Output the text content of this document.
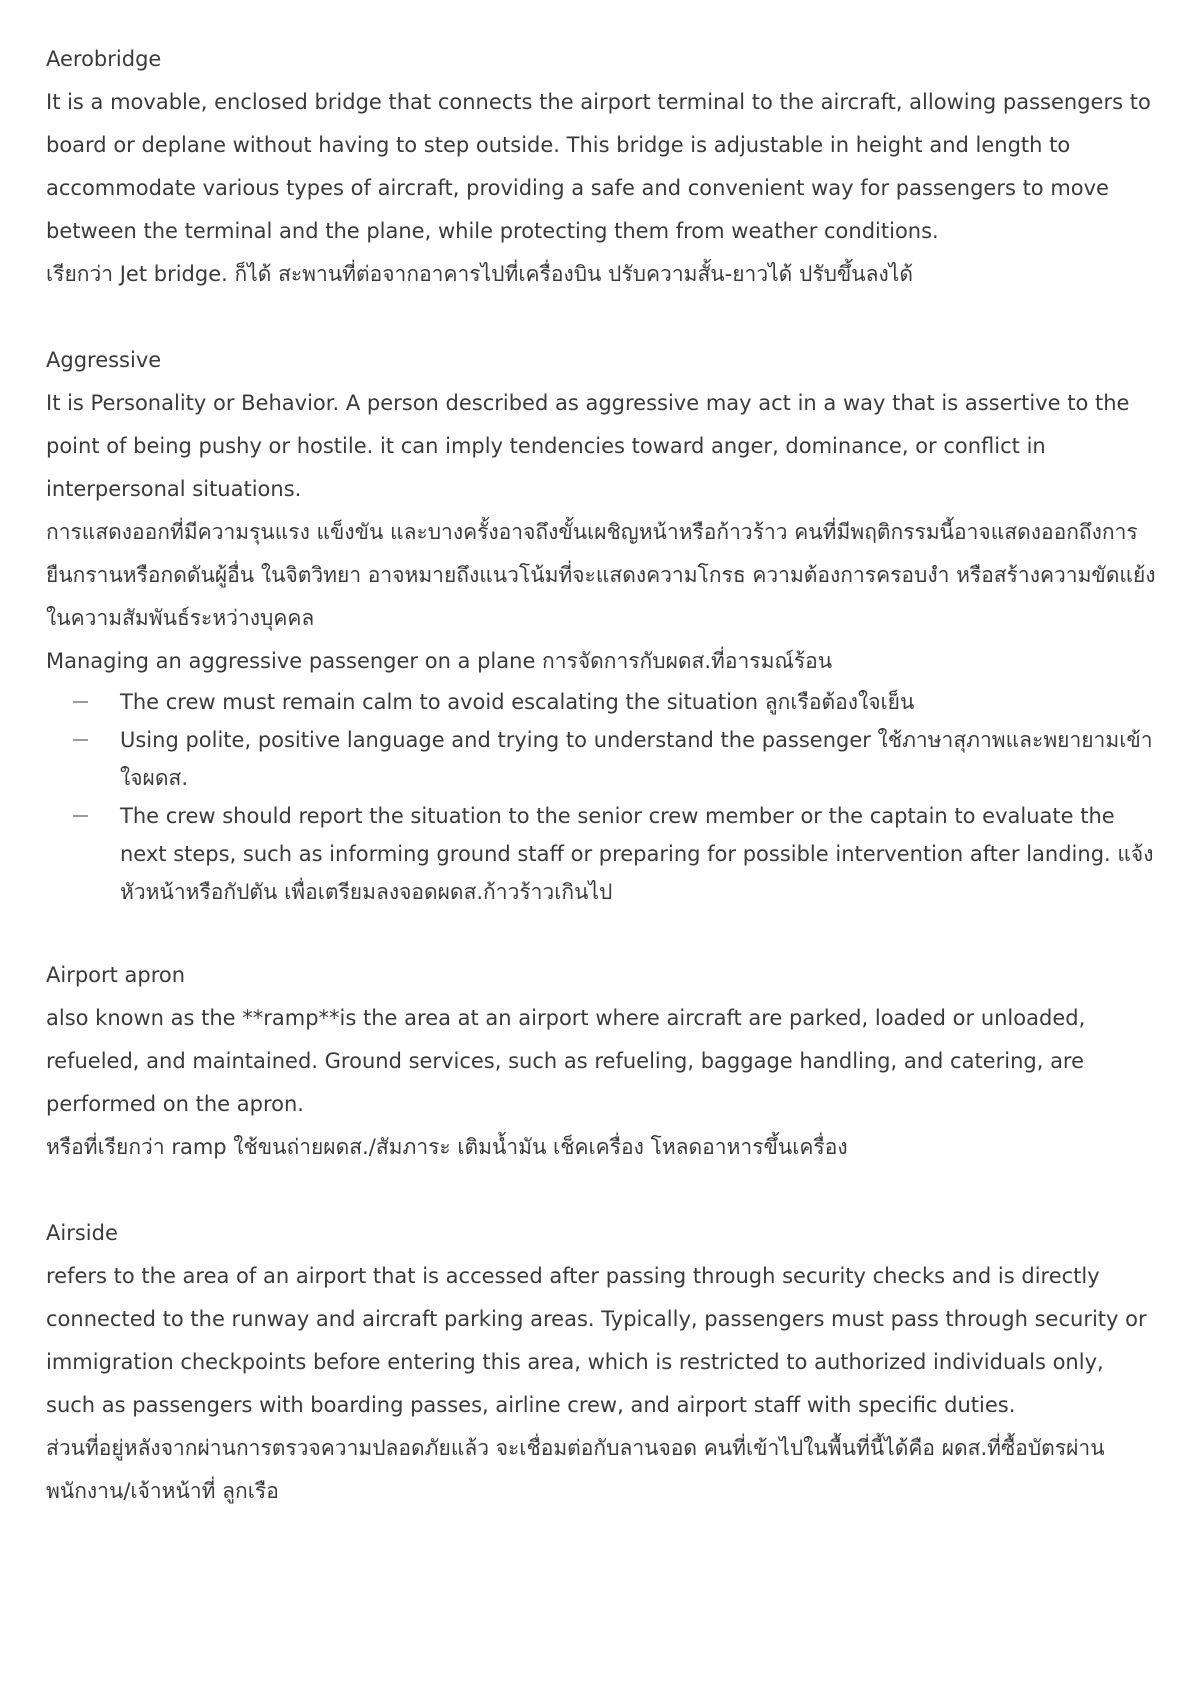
Aerobridge

It is a movable, enclosed bridge that connects the airport terminal to the aircraft, allowing passengers to board or deplane without having to step outside. This bridge is adjustable in height and length to accommodate various types of aircraft, providing a safe and convenient way for passengers to move between the terminal and the plane, while protecting them from weather conditions.

เรียกว่า Jet bridge. ก็ได้ สะพานที่ต่อจากอาคารไปที่เครื่องบิน ปรับความสั้น-ยาวได้ ปรับขึ้นลงได้

Aggressive

It is Personality or Behavior. A person described as aggressive may act in a way that is assertive to the point of being pushy or hostile. it can imply tendencies toward anger, dominance, or conflict in interpersonal situations.

การแสดงออกที่มีความรุนแรง แข็งขัน และบางครั้งอาจถึงขั้นเผชิญหน้าหรือก้าวร้าว คนที่มีพฤติกรรมนี้อาจแสดงออกถึงการยืนกรานหรือกดดันผู้อื่น ในจิตวิทยา อาจหมายถึงแนวโน้มที่จะแสดงความโกรธ ความต้องการครอบงำ หรือสร้างความขัดแย้งในความสัมพันธ์ระหว่างบุคคล

Managing an aggressive passenger on a plane การจัดการกับผดส.ที่อารมณ์ร้อน

The crew must remain calm to avoid escalating the situation ลูกเรือต้องใจเย็น
Using polite, positive language and trying to understand the passenger ใช้ภาษาสุภาพและพยายามเข้าใจผดส.
The crew should report the situation to the senior crew member or the captain to evaluate the next steps, such as informing ground staff or preparing for possible intervention after landing. แจ้งหัวหน้าหรือกัปตัน เพื่อเตรียมลงจอดผดส.ก้าวร้าวเกินไป

Airport apron

also known as the **ramp**is the area at an airport where aircraft are parked, loaded or unloaded, refueled, and maintained. Ground services, such as refueling, baggage handling, and catering, are performed on the apron.

หรือที่เรียกว่า ramp ใช้ขนถ่ายผดส./สัมภาระ เติมน้ำมัน เช็คเครื่อง โหลดอาหารขึ้นเครื่อง

Airside

refers to the area of an airport that is accessed after passing through security checks and is directly connected to the runway and aircraft parking areas. Typically, passengers must pass through security or immigration checkpoints before entering this area, which is restricted to authorized individuals only, such as passengers with boarding passes, airline crew, and airport staff with specific duties.

ส่วนที่อยู่หลังจากผ่านการตรวจความปลอดภัยแล้ว จะเชื่อมต่อกับลานจอด คนที่เข้าไปในพื้นที่นี้ได้คือ ผดส.ที่ซื้อบัตรผ่าน พนักงาน/เจ้าหน้าที่ ลูกเรือ
